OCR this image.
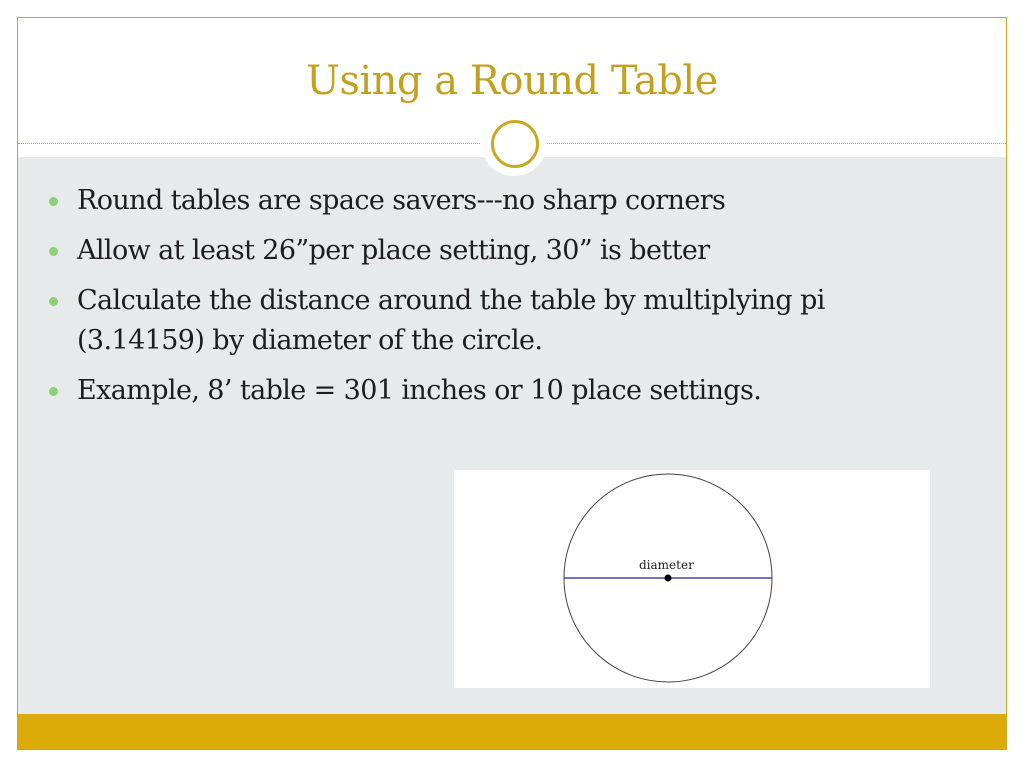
Using a Round Table
Round tables are space savers---no sharp corners
Allow at least 26”per place setting, 30” is better
Calculate the distance around the table by multiplying pi (3.14159) by diameter of the circle.
Example, 8’ table = 301 inches or 10 place settings.
diameter
